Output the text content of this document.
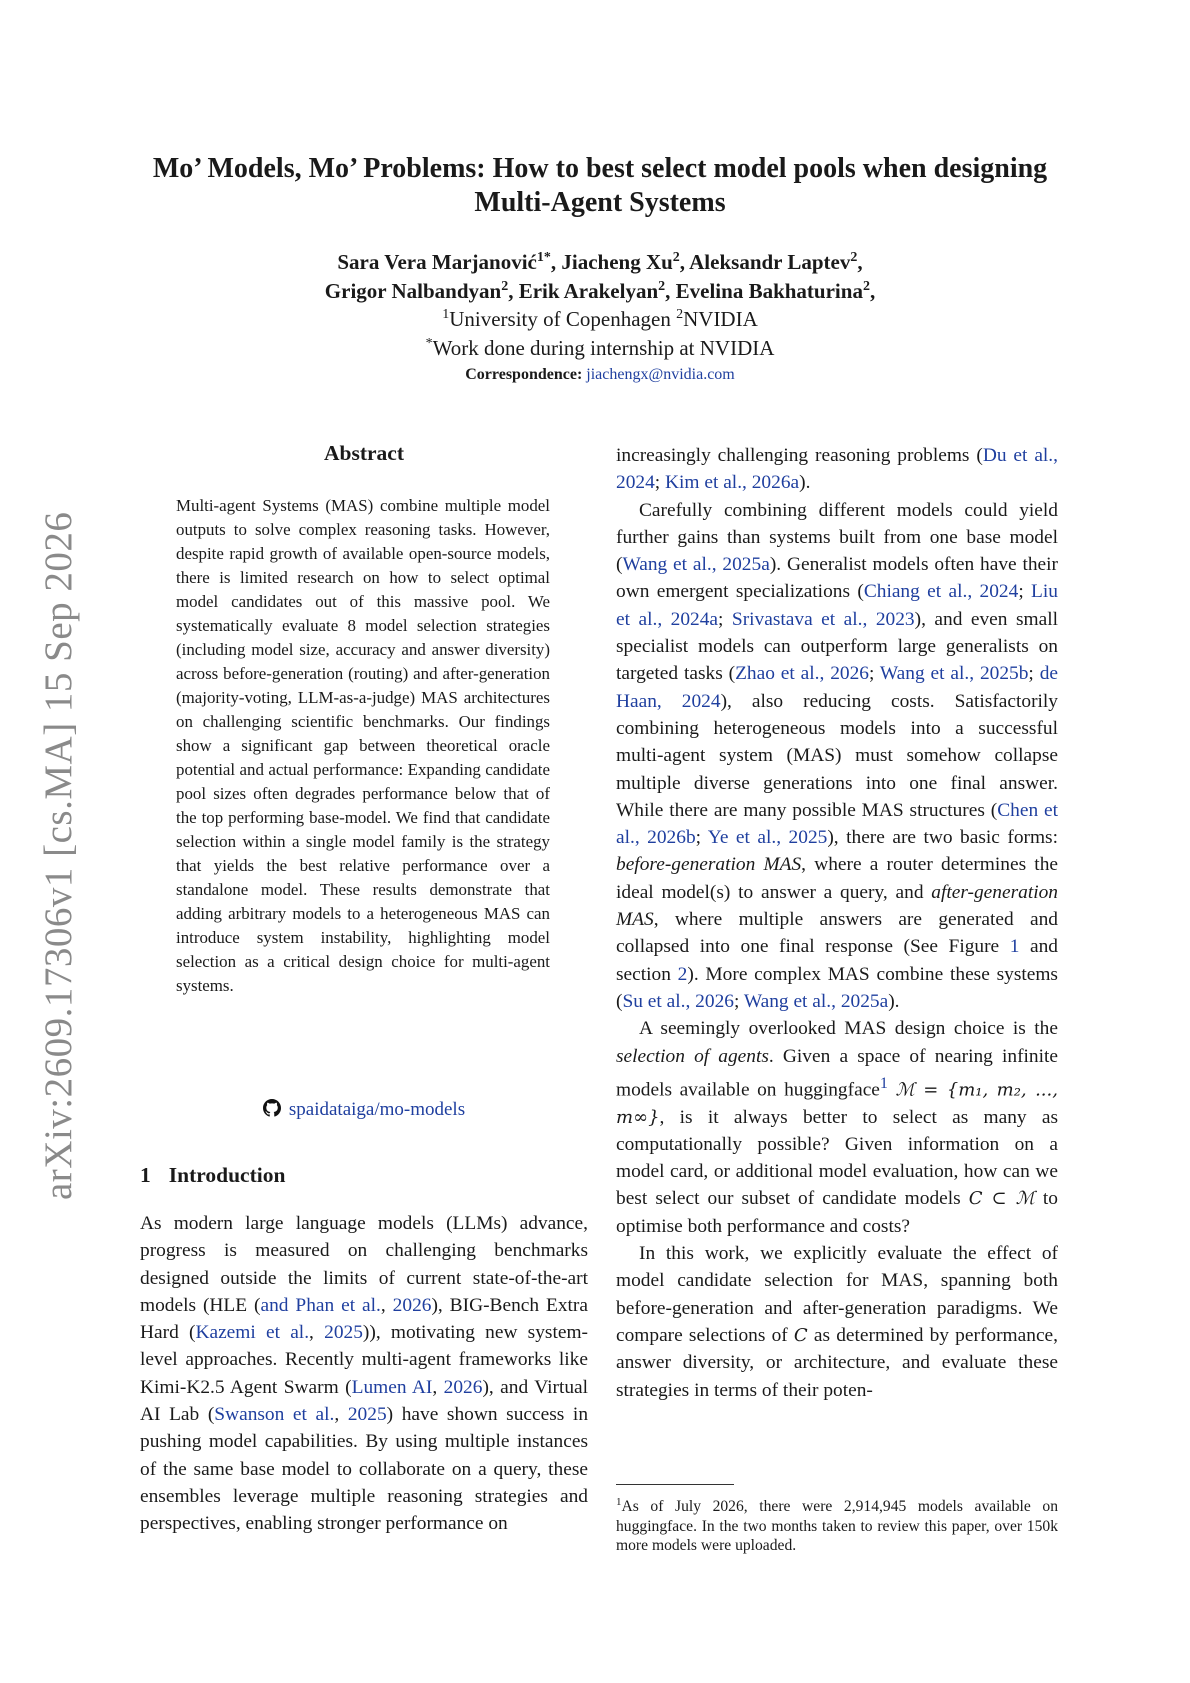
arXiv:2609.17306v1 [cs.MA] 15 Sep 2026
Mo’ Models, Mo’ Problems: How to best select model pools when designing Multi-Agent Systems
Sara Vera Marjanović$^{1*}$, Jiacheng Xu$^2$, Aleksandr Laptev$^2$,
Grigor Nalbandyan$^2$, Erik Arakelyan$^2$, Evelina Bakhaturina$^2$,
$^1$University of Copenhagen $^2$NVIDIA
*Work done during internship at NVIDIA
Correspondence: jiachengx@nvidia.com
Abstract
Multi-agent Systems (MAS) combine multiple model outputs to solve complex reasoning tasks. However, despite rapid growth of available open-source models, there is limited research on how to select optimal model candidates out of this massive pool. We systematically evaluate 8 model selection strategies (including model size, accuracy and answer diversity) across before-generation (routing) and after-generation (majority-voting, LLM-as-a-judge) MAS architectures on challenging scientific benchmarks. Our findings show a significant gap between theoretical oracle potential and actual performance: Expanding candidate pool sizes often degrades performance below that of the top performing base-model. We find that candidate selection within a single model family is the strategy that yields the best relative performance over a standalone model. These results demonstrate that adding arbitrary models to a heterogeneous MAS can introduce system instability, highlighting model selection as a critical design choice for multi-agent systems.
spaidataiga/mo-models
1 Introduction

As modern large language models (LLMs) advance, progress is measured on challenging benchmarks designed outside the limits of current state-of-the-art models (HLE (and Phan et al., 2026), BIG-Bench Extra Hard (Kazemi et al., 2025)), motivating new system-level approaches. Recently multi-agent frameworks like Kimi-K2.5 Agent Swarm (Lumen AI, 2026), and Virtual AI Lab (Swanson et al., 2025) have shown success in pushing model capabilities. By using multiple instances of the same base model to collaborate on a query, these ensembles leverage multiple reasoning strategies and perspectives, enabling stronger performance on

increasingly challenging reasoning problems (Du et al., 2024; Kim et al., 2026a).

Carefully combining different models could yield further gains than systems built from one base model (Wang et al., 2025a). Generalist models often have their own emergent specializations (Chiang et al., 2024; Liu et al., 2024a; Srivastava et al., 2023), and even small specialist models can outperform large generalists on targeted tasks (Zhao et al., 2026; Wang et al., 2025b; de Haan, 2024), also reducing costs. Satisfactorily combining heterogeneous models into a successful multi-agent system (MAS) must somehow collapse multiple diverse generations into one final answer. While there are many possible MAS structures (Chen et al., 2026b; Ye et al., 2025), there are two basic forms: before-generation MAS, where a router determines the ideal model(s) to answer a query, and after-generation MAS, where multiple answers are generated and collapsed into one final response (See Figure 1 and section 2). More complex MAS combine these systems (Su et al., 2026; Wang et al., 2025a).

A seemingly overlooked MAS design choice is the selection of agents. Given a space of nearing infinite models available on huggingface$^1$ ℳ = {m₁, m₂, ..., m∞}, is it always better to select as many as computationally possible? Given information on a model card, or additional model evaluation, how can we best select our subset of candidate models C ⊂ ℳ to optimise both performance and costs?

In this work, we explicitly evaluate the effect of model candidate selection for MAS, spanning both before-generation and after-generation paradigms. We compare selections of C as determined by performance, answer diversity, or architecture, and evaluate these strategies in terms of their poten-

$^1$As of July 2026, there were 2,914,945 models available on huggingface. In the two months taken to review this paper, over 150k more models were uploaded.
